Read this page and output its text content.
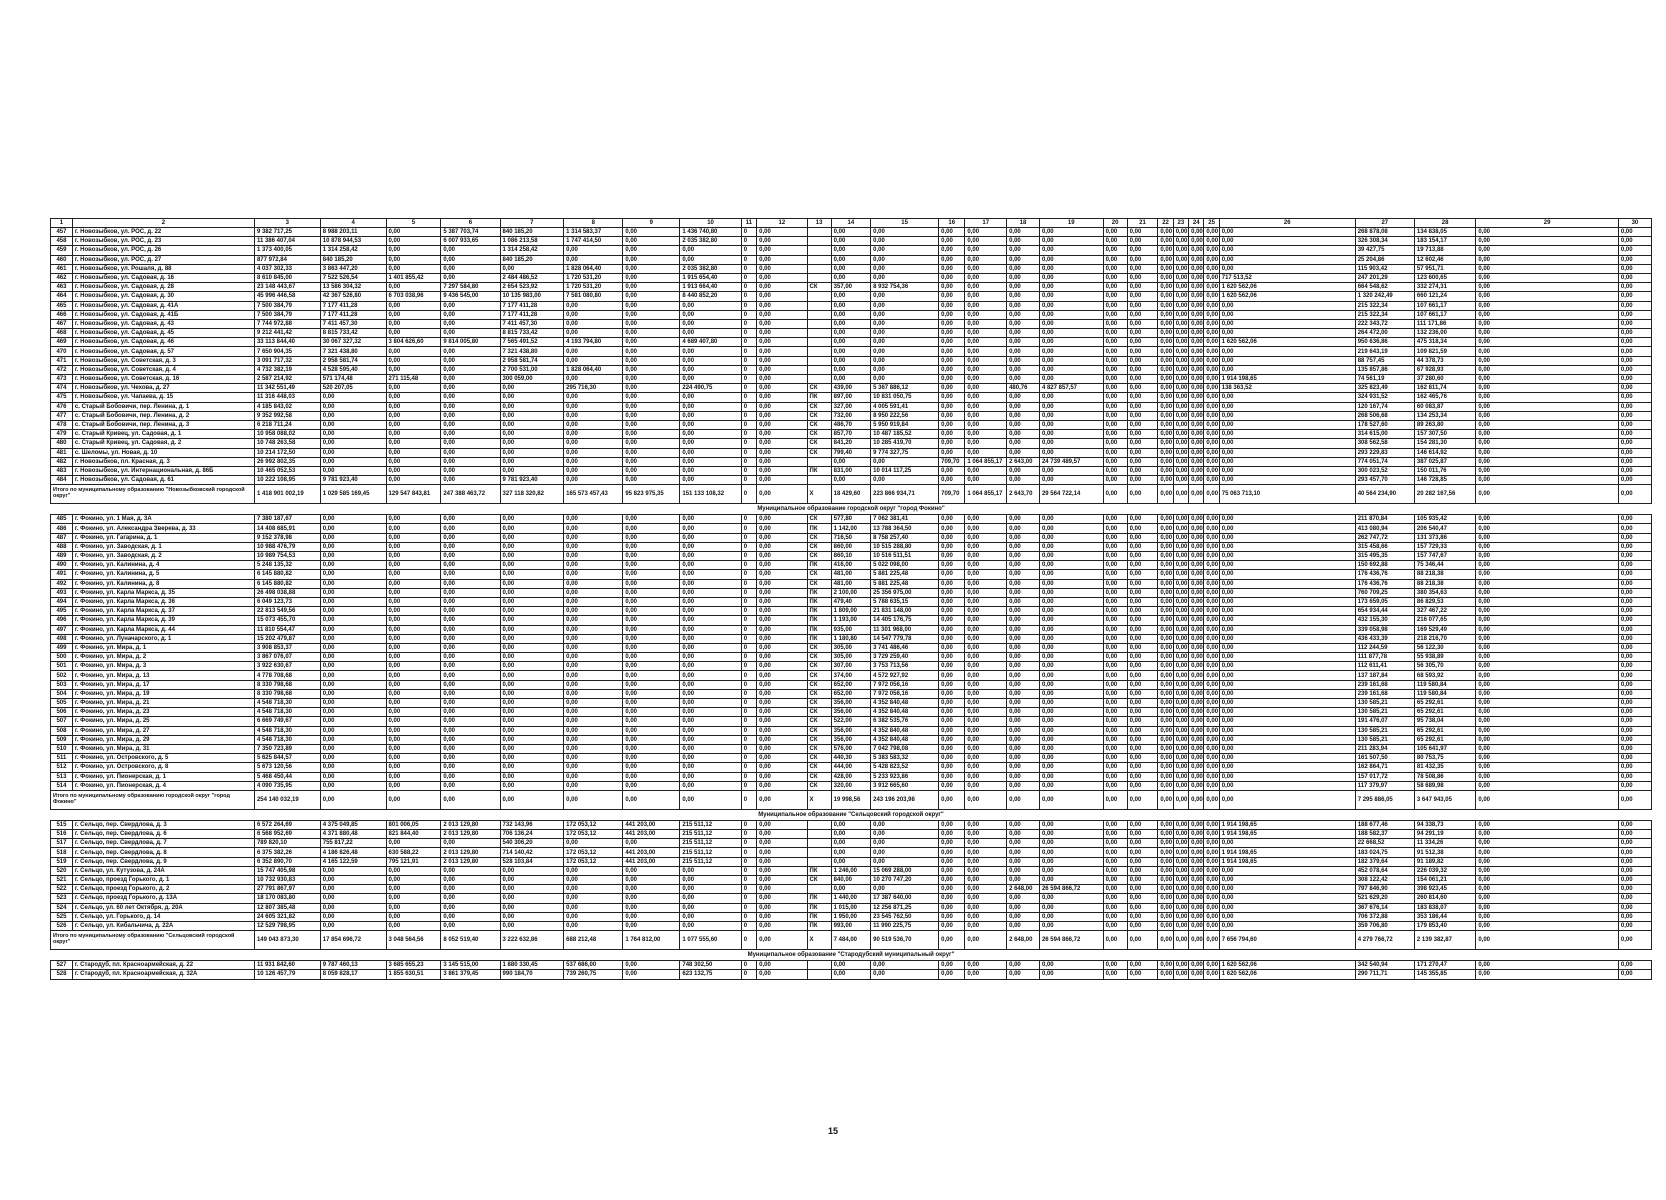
1	2	3	4	5	6	7	8	9	10	11	12	13	14	15	16	17	18	19	20	21	22	23	24	25	26	27	28	29	30
457	г. Новозыбков, ул. РОС, д. 22	9 382 717,25	8 988 203,11	0,00	5 387 703,74	840 185,20	1 314 583,37	0,00	1 436 740,80	0	0,00		0,00	0,00	0,00	0,00	0,00	0,00	0,00	0,00	0,00	0,00	0,00	0,00	0,00	268 878,08	134 838,05	0,00	0,00
458	г. Новозыбков, ул. РОС, д. 23	11 386 407,04	10 878 944,53	0,00	6 007 933,65	1 086 213,58	1 747 414,50	0,00	2 035 382,80	0	0,00		0,00	0,00	0,00	0,00	0,00	0,00	0,00	0,00	0,00	0,00	0,00	0,00	0,00	326 308,34	183 154,17	0,00	0,00
459	г. Новозыбков, ул. РОС, д. 26	1 373 400,05	1 314 258,42	0,00	0,00	1 314 258,42	0,00	0,00	0,00	0	0,00		0,00	0,00	0,00	0,00	0,00	0,00	0,00	0,00	0,00	0,00	0,00	0,00	0,00	39 427,75	19 713,88	0,00	0,00
460	г. Новозыбков, ул. РОС, д. 27	877 972,84	840 185,20	0,00	0,00	840 185,20	0,00	0,00	0,00	0	0,00		0,00	0,00	0,00	0,00	0,00	0,00	0,00	0,00	0,00	0,00	0,00	0,00	0,00	25 204,86	12 602,46	0,00	0,00
461	г. Новозыбков, ул. Рошаля, д. 88	4 037 302,33	3 863 447,20	0,00	0,00	0,00	1 828 064,40	0,00	2 035 382,80	0	0,00		0,00	0,00	0,00	0,00	0,00	0,00	0,00	0,00	0,00	0,00	0,00	0,00	0,00	115 903,42	57 951,71	0,00	0,00
462	г. Новозыбков, ул. Садовая, д. 16	8 610 845,00	7 522 526,54	1 401 855,42	0,00	2 484 486,52	1 720 531,20	0,00	1 915 654,40	0	0,00		0,00	0,00	0,00	0,00	0,00	0,00	0,00	0,00	0,00	0,00	0,00	0,00	717 513,52	247 201,29	123 600,65	0,00	0,00
463	г. Новозыбков, ул. Садовая, д. 28	23 148 443,67	13 586 304,32	0,00	7 297 584,80	2 654 523,92	1 720 531,20	0,00	1 913 664,40	0	0,00	СК	357,00	8 932 754,36	0,00	0,00	0,00	0,00	0,00	0,00	0,00	0,00	0,00	0,00	1 620 562,06	664 548,62	332 274,31	0,00	0,00
464	г. Новозыбков, ул. Садовая, д. 30	45 996 446,58	42 367 526,80	6 703 038,96	9 436 545,00	10 135 983,00	7 581 080,80	0,00	8 440 852,20	0	0,00		0,00	0,00	0,00	0,00	0,00	0,00	0,00	0,00	0,00	0,00	0,00	0,00	1 620 562,06	1 320 242,49	660 121,24	0,00	0,00
465	г. Новозыбков, ул. Садовая, д. 41А	7 500 384,79	7 177 411,28	0,00	0,00	7 177 411,28	0,00	0,00	0,00	0	0,00		0,00	0,00	0,00	0,00	0,00	0,00	0,00	0,00	0,00	0,00	0,00	0,00	0,00	215 322,34	107 661,17	0,00	0,00
466	г. Новозыбков, ул. Садовая, д. 41Б	7 500 384,79	7 177 411,28	0,00	0,00	7 177 411,28	0,00	0,00	0,00	0	0,00		0,00	0,00	0,00	0,00	0,00	0,00	0,00	0,00	0,00	0,00	0,00	0,00	0,00	215 322,34	107 661,17	0,00	0,00
467	г. Новозыбков, ул. Садовая, д. 43	7 744 972,88	7 411 457,30	0,00	0,00	7 411 457,30	0,00	0,00	0,00	0	0,00		0,00	0,00	0,00	0,00	0,00	0,00	0,00	0,00	0,00	0,00	0,00	0,00	0,00	222 343,72	111 171,86	0,00	0,00
468	г. Новозыбков, ул. Садовая, д. 45	9 212 441,42	8 815 733,42	0,00	0,00	8 815 733,42	0,00	0,00	0,00	0	0,00		0,00	0,00	0,00	0,00	0,00	0,00	0,00	0,00	0,00	0,00	0,00	0,00	0,00	264 472,00	132 236,00	0,00	0,00
469	г. Новозыбков, ул. Садовая, д. 46	33 113 844,40	30 067 327,32	3 804 626,60	9 814 005,80	7 565 491,52	4 193 794,80	0,00	4 689 407,80	0	0,00		0,00	0,00	0,00	0,00	0,00	0,00	0,00	0,00	0,00	0,00	0,00	0,00	1 620 562,06	950 636,86	475 318,34	0,00	0,00
470	г. Новозыбков, ул. Садовая, д. 57	7 650 904,35	7 321 438,80	0,00	0,00	7 321 438,80	0,00	0,00	0,00	0	0,00		0,00	0,00	0,00	0,00	0,00	0,00	0,00	0,00	0,00	0,00	0,00	0,00	0,00	219 643,19	109 821,59	0,00	0,00
471	г. Новозыбков, ул. Советская, д. 3	3 091 717,32	2 958 581,74	0,00	0,00	2 958 581,74	0,00	0,00	0,00	0	0,00		0,00	0,00	0,00	0,00	0,00	0,00	0,00	0,00	0,00	0,00	0,00	0,00	0,00	88 757,45	44 378,73	0,00	0,00
472	г. Новозыбков, ул. Советская, д. 4	4 732 382,19	4 528 595,40	0,00	0,00	2 700 531,00	1 828 064,40	0,00	0,00	0	0,00		0,00	0,00	0,00	0,00	0,00	0,00	0,00	0,00	0,00	0,00	0,00	0,00	0,00	135 857,86	67 928,93	0,00	0,00
473	г. Новозыбков, ул. Советская, д. 16	2 587 214,92	571 174,48	271 115,48	0,00	300 059,00	0,00	0,00	0,00	0	0,00		0,00	0,00	0,00	0,00	0,00	0,00	0,00	0,00	0,00	0,00	0,00	0,00	1 914 198,65	74 561,19	37 280,60	0,00	0,00
474	г. Новозыбков, ул. Чехова, д. 27	11 342 551,49	520 207,05	0,00	0,00	0,00	295 716,30	0,00	224 490,75	0	0,00	СК	439,00	5 367 886,12	0,00	0,00	480,76	4 827 857,57	0,00	0,00	0,00	0,00	0,00	0,00	138 363,52	325 823,49	162 811,74	0,00	0,00
475	г. Новозыбков, ул. Чапаева, д. 15	11 316 448,03	0,00	0,00	0,00	0,00	0,00	0,00	0,00	0	0,00	ПК	897,00	10 831 050,75	0,00	0,00	0,00	0,00	0,00	0,00	0,00	0,00	0,00	0,00	0,00	324 931,52	162 465,76	0,00	0,00
476	с. Старый Бобовичи, пер. Ленина, д. 1	4 185 843,02	0,00	0,00	0,00	0,00	0,00	0,00	0,00	0	0,00	СК	327,00	4 005 591,41	0,00	0,00	0,00	0,00	0,00	0,00	0,00	0,00	0,00	0,00	0,00	120 167,74	60 083,87	0,00	0,00
477	с. Старый Бобовичи, пер. Ленина, д. 2	9 352 992,58	0,00	0,00	0,00	0,00	0,00	0,00	0,00	0	0,00	СК	732,00	8 950 222,56	0,00	0,00	0,00	0,00	0,00	0,00	0,00	0,00	0,00	0,00	0,00	268 506,68	134 253,34	0,00	0,00
478	с. Старый Бобовичи, пер. Ленина, д. 3	6 218 711,24	0,00	0,00	0,00	0,00	0,00	0,00	0,00	0	0,00	СК	486,70	5 950 919,84	0,00	0,00	0,00	0,00	0,00	0,00	0,00	0,00	0,00	0,00	0,00	178 527,60	89 263,80	0,00	0,00
479	с. Старый Кривец, ул. Садовая, д. 1	10 958 088,02	0,00	0,00	0,00	0,00	0,00	0,00	0,00	0	0,00	СК	857,70	10 487 185,52	0,00	0,00	0,00	0,00	0,00	0,00	0,00	0,00	0,00	0,00	0,00	314 615,00	157 307,50	0,00	0,00
480	с. Старый Кривец, ул. Садовая, д. 2	10 748 263,58	0,00	0,00	0,00	0,00	0,00	0,00	0,00	0	0,00	СК	841,20	10 285 419,70	0,00	0,00	0,00	0,00	0,00	0,00	0,00	0,00	0,00	0,00	0,00	308 562,58	154 281,30	0,00	0,00
481	с. Шеломы, ул. Новая, д. 10	10 214 172,50	0,00	0,00	0,00	0,00	0,00	0,00	0,00	0	0,00	СК	799,40	9 774 327,75	0,00	0,00	0,00	0,00	0,00	0,00	0,00	0,00	0,00	0,00	0,00	293 229,83	146 614,92	0,00	0,00
482	г. Новозыбков, пл. Красная, д. 3	26 992 802,35	0,00	0,00	0,00	0,00	0,00	0,00	0,00	0	0,00		0,00	0,00	709,70	1 064 855,17	2 643,00	24 739 489,57	0,00	0,00	0,00	0,00	0,00	0,00	0,00	774 051,74	387 025,87	0,00	0,00
483	г. Новозыбков, ул. Интернациональная, д. 86Б	10 465 052,53	0,00	0,00	0,00	0,00	0,00	0,00	0,00	0	0,00	ПК	831,00	10 014 117,25	0,00	0,00	0,00	0,00	0,00	0,00	0,00	0,00	0,00	0,00	0,00	300 023,52	150 011,76	0,00	0,00
484	г. Новозыбков, ул. Садовая, д. 61	10 222 108,95	9 781 923,40	0,00	0,00	9 781 923,40	0,00	0,00	0,00	0	0,00		0,00	0,00	0,00	0,00	0,00	0,00	0,00	0,00	0,00	0,00	0,00	0,00	0,00	293 457,70	146 728,85	0,00	0,00
Итого по муниципальному образованию "Новозыбковский городской округ"		1 418 901 002,19	1 029 585 169,45	129 547 843,81	247 388 463,72	327 118 320,82	165 573 457,43	95 823 975,35	151 133 108,32	0	0,00	Х	18 429,60	223 866 934,71	709,70	1 064 855,17	2 643,70	29 564 722,14	0,00	0,00	0,00	0,00	0,00	0,00	75 063 713,10	40 564 234,90	20 282 167,56	0,00	0,00
Муниципальное образование городской округ "город Фокино"																													
485	г. Фокино, ул. 1 Мая, д. 3А	7 380 187,67	0,00	0,00	0,00	0,00	0,00	0,00	0,00	0	0,00	СК	577,80	7 062 381,41	0,00	0,00	0,00	0,00	0,00	0,00	0,00	0,00	0,00	0,00	0,00	211 870,84	105 935,42	0,00	0,00
486	г. Фокино, ул. Александра Зверева, д. 33	14 408 685,91	0,00	0,00	0,00	0,00	0,00	0,00	0,00	0	0,00	ПК	1 142,00	13 788 364,50	0,00	0,00	0,00	0,00	0,00	0,00	0,00	0,00	0,00	0,00	0,00	413 080,94	206 540,47	0,00	0,00
487	г. Фокино, ул. Гагарина, д. 1	9 152 378,98	0,00	0,00	0,00	0,00	0,00	0,00	0,00	0	0,00	СК	716,50	8 758 257,40	0,00	0,00	0,00	0,00	0,00	0,00	0,00	0,00	0,00	0,00	0,00	262 747,72	131 373,86	0,00	0,00
488	г. Фокино, ул. Заводская, д. 1	10 988 476,79	0,00	0,00	0,00	0,00	0,00	0,00	0,00	0	0,00	СК	860,00	10 515 288,80	0,00	0,00	0,00	0,00	0,00	0,00	0,00	0,00	0,00	0,00	0,00	315 458,66	157 729,33	0,00	0,00
489	г. Фокино, ул. Заводская, д. 2	10 989 754,53	0,00	0,00	0,00	0,00	0,00	0,00	0,00	0	0,00	СК	860,10	10 516 511,51	0,00	0,00	0,00	0,00	0,00	0,00	0,00	0,00	0,00	0,00	0,00	315 495,35	157 747,67	0,00	0,00
490	г. Фокино, ул. Калинина, д. 4	5 248 135,32	0,00	0,00	0,00	0,00	0,00	0,00	0,00	0	0,00	ПК	416,00	5 022 098,00	0,00	0,00	0,00	0,00	0,00	0,00	0,00	0,00	0,00	0,00	0,00	150 692,88	75 346,44	0,00	0,00
491	г. Фокино, ул. Калинина, д. 5	6 145 880,82	0,00	0,00	0,00	0,00	0,00	0,00	0,00	0	0,00	СК	481,00	5 881 225,48	0,00	0,00	0,00	0,00	0,00	0,00	0,00	0,00	0,00	0,00	0,00	176 436,76	88 218,38	0,00	0,00
492	г. Фокино, ул. Калинина, д. 8	6 145 880,82	0,00	0,00	0,00	0,00	0,00	0,00	0,00	0	0,00	СК	481,00	5 881 225,48	0,00	0,00	0,00	0,00	0,00	0,00	0,00	0,00	0,00	0,00	0,00	176 436,76	88 218,38	0,00	0,00
493	г. Фокино, ул. Карла Маркса, д. 35	26 498 038,88	0,00	0,00	0,00	0,00	0,00	0,00	0,00	0	0,00	ПК	2 100,00	25 356 975,00	0,00	0,00	0,00	0,00	0,00	0,00	0,00	0,00	0,00	0,00	0,00	760 709,25	380 354,63	0,00	0,00
494	г. Фокино, ул. Карла Маркса, д. 36	6 049 123,73	0,00	0,00	0,00	0,00	0,00	0,00	0,00	0	0,00	ПК	479,40	5 788 635,15	0,00	0,00	0,00	0,00	0,00	0,00	0,00	0,00	0,00	0,00	0,00	173 659,05	86 829,53	0,00	0,00
495	г. Фокино, ул. Карла Маркса, д. 37	22 813 549,56	0,00	0,00	0,00	0,00	0,00	0,00	0,00	0	0,00	ПК	1 809,00	21 831 148,00	0,00	0,00	0,00	0,00	0,00	0,00	0,00	0,00	0,00	0,00	0,00	654 934,44	327 467,22	0,00	0,00
496	г. Фокино, ул. Карла Маркса, д. 39	15 073 455,70	0,00	0,00	0,00	0,00	0,00	0,00	0,00	0	0,00	ПК	1 193,00	14 405 176,75	0,00	0,00	0,00	0,00	0,00	0,00	0,00	0,00	0,00	0,00	0,00	432 155,30	216 077,65	0,00	0,00
497	г. Фокино, ул. Карла Маркса, д. 44	11 810 554,47	0,00	0,00	0,00	0,00	0,00	0,00	0,00	0	0,00	ПК	935,00	11 301 968,00	0,00	0,00	0,00	0,00	0,00	0,00	0,00	0,00	0,00	0,00	0,00	339 058,98	169 529,49	0,00	0,00
498	г. Фокино, ул. Луначарского, д. 1	15 202 479,87	0,00	0,00	0,00	0,00	0,00	0,00	0,00	0	0,00	ПК	1 180,80	14 547 779,78	0,00	0,00	0,00	0,00	0,00	0,00	0,00	0,00	0,00	0,00	0,00	436 433,39	218 216,70	0,00	0,00
499	г. Фокино, ул. Мира, д. 1	3 908 853,37	0,00	0,00	0,00	0,00	0,00	0,00	0,00	0	0,00	СК	305,00	3 741 486,46	0,00	0,00	0,00	0,00	0,00	0,00	0,00	0,00	0,00	0,00	0,00	112 244,59	56 122,30	0,00	0,00
500	г. Фокино, ул. Мира, д. 2	3 867 076,07	0,00	0,00	0,00	0,00	0,00	0,00	0,00	0	0,00	СК	305,00	3 729 259,40	0,00	0,00	0,00	0,00	0,00	0,00	0,00	0,00	0,00	0,00	0,00	111 877,78	55 938,89	0,00	0,00
501	г. Фокино, ул. Мира, д. 3	3 922 630,67	0,00	0,00	0,00	0,00	0,00	0,00	0,00	0	0,00	СК	307,00	3 753 713,56	0,00	0,00	0,00	0,00	0,00	0,00	0,00	0,00	0,00	0,00	0,00	112 611,41	56 305,70	0,00	0,00
502	г. Фокино, ул. Мира, д. 13	4 778 708,68	0,00	0,00	0,00	0,00	0,00	0,00	0,00	0	0,00	СК	374,00	4 572 927,92	0,00	0,00	0,00	0,00	0,00	0,00	0,00	0,00	0,00	0,00	0,00	137 187,84	68 593,92	0,00	0,00
503	г. Фокино, ул. Мира, д. 17	8 330 798,68	0,00	0,00	0,00	0,00	0,00	0,00	0,00	0	0,00	СК	652,00	7 972 056,16	0,00	0,00	0,00	0,00	0,00	0,00	0,00	0,00	0,00	0,00	0,00	239 161,68	119 580,84	0,00	0,00
504	г. Фокино, ул. Мира, д. 19	8 330 798,68	0,00	0,00	0,00	0,00	0,00	0,00	0,00	0	0,00	СК	652,00	7 972 056,16	0,00	0,00	0,00	0,00	0,00	0,00	0,00	0,00	0,00	0,00	0,00	239 161,68	119 580,84	0,00	0,00
505	г. Фокино, ул. Мира, д. 21	4 548 718,30	0,00	0,00	0,00	0,00	0,00	0,00	0,00	0	0,00	СК	356,00	4 352 840,48	0,00	0,00	0,00	0,00	0,00	0,00	0,00	0,00	0,00	0,00	0,00	130 585,21	65 292,61	0,00	0,00
506	г. Фокино, ул. Мира, д. 23	4 548 718,30	0,00	0,00	0,00	0,00	0,00	0,00	0,00	0	0,00	СК	356,00	4 352 840,48	0,00	0,00	0,00	0,00	0,00	0,00	0,00	0,00	0,00	0,00	0,00	130 585,21	65 292,61	0,00	0,00
507	г. Фокино, ул. Мира, д. 25	6 669 749,67	0,00	0,00	0,00	0,00	0,00	0,00	0,00	0	0,00	СК	522,00	6 382 535,76	0,00	0,00	0,00	0,00	0,00	0,00	0,00	0,00	0,00	0,00	0,00	191 476,07	95 738,04	0,00	0,00
508	г. Фокино, ул. Мира, д. 27	4 548 718,30	0,00	0,00	0,00	0,00	0,00	0,00	0,00	0	0,00	СК	356,00	4 352 840,48	0,00	0,00	0,00	0,00	0,00	0,00	0,00	0,00	0,00	0,00	0,00	130 585,21	65 292,61	0,00	0,00
509	г. Фокино, ул. Мира, д. 29	4 548 718,30	0,00	0,00	0,00	0,00	0,00	0,00	0,00	0	0,00	СК	356,00	4 352 840,48	0,00	0,00	0,00	0,00	0,00	0,00	0,00	0,00	0,00	0,00	0,00	130 585,21	65 292,61	0,00	0,00
510	г. Фокино, ул. Мира, д. 31	7 350 723,89	0,00	0,00	0,00	0,00	0,00	0,00	0,00	0	0,00	СК	576,00	7 042 798,08	0,00	0,00	0,00	0,00	0,00	0,00	0,00	0,00	0,00	0,00	0,00	211 283,94	105 641,97	0,00	0,00
511	г. Фокино, ул. Островского, д. 5	5 625 844,57	0,00	0,00	0,00	0,00	0,00	0,00	0,00	0	0,00	СК	440,30	5 383 583,32	0,00	0,00	0,00	0,00	0,00	0,00	0,00	0,00	0,00	0,00	0,00	161 507,50	80 753,75	0,00	0,00
512	г. Фокино, ул. Островского, д. 8	5 673 120,56	0,00	0,00	0,00	0,00	0,00	0,00	0,00	0	0,00	СК	444,00	5 428 823,52	0,00	0,00	0,00	0,00	0,00	0,00	0,00	0,00	0,00	0,00	0,00	162 864,71	81 432,35	0,00	0,00
513	г. Фокино, ул. Пионерская, д. 1	5 468 450,44	0,00	0,00	0,00	0,00	0,00	0,00	0,00	0	0,00	СК	428,00	5 233 923,86	0,00	0,00	0,00	0,00	0,00	0,00	0,00	0,00	0,00	0,00	0,00	157 017,72	78 508,86	0,00	0,00
514	г. Фокино, ул. Пионерская, д. 4	4 090 735,95	0,00	0,00	0,00	0,00	0,00	0,00	0,00	0	0,00	СК	320,00	3 912 665,60	0,00	0,00	0,00	0,00	0,00	0,00	0,00	0,00	0,00	0,00	0,00	117 379,97	58 689,98	0,00	0,00
Итого по муниципальному образованию городской округ "город Фокино"		254 140 032,19	0,00	0,00	0,00	0,00	0,00	0,00	0,00	0	0,00	Х	19 998,56	243 196 203,98	0,00	0,00	0,00	0,00	0,00	0,00	0,00	0,00	0,00	0,00	0,00	7 295 886,05	3 647 943,05	0,00	0,00
Муниципальное образование "Сельцовский городской округ"																													
515	г. Сельцо, пер. Свердлова, д. 3	6 572 264,69	4 375 049,85	801 006,05	2 013 129,80	732 143,96	172 053,12	441 203,00	215 511,12	0	0,00		0,00	0,00	0,00	0,00	0,00	0,00	0,00	0,00	0,00	0,00	0,00	0,00	1 914 198,65	188 677,46	94 338,73	0,00	0,00
516	г. Сельцо, пер. Свердлова, д. 6	6 568 952,69	4 371 880,48	821 844,40	2 013 129,80	706 136,24	172 053,12	441 203,00	215 511,12	0	0,00		0,00	0,00	0,00	0,00	0,00	0,00	0,00	0,00	0,00	0,00	0,00	0,00	1 914 198,65	188 582,37	94 291,19	0,00	0,00
517	г. Сельцо, пер. Свердлова, д. 7	789 820,10	755 817,22	0,00	0,00	540 306,20	0,00	0,00	215 511,12	0	0,00		0,00	0,00	0,00	0,00	0,00	0,00	0,00	0,00	0,00	0,00	0,00	0,00	0,00	22 668,52	11 334,26	0,00	0,00
518	г. Сельцо, пер. Свердлова, д. 8	6 375 382,26	4 186 826,48	630 588,22	2 013 129,80	714 140,42	172 053,12	441 203,00	215 511,12	0	0,00		0,00	0,00	0,00	0,00	0,00	0,00	0,00	0,00	0,00	0,00	0,00	0,00	1 914 198,65	183 024,75	91 512,38	0,00	0,00
519	г. Сельцо, пер. Свердлова, д. 9	6 352 890,70	4 165 122,59	795 121,91	2 013 129,80	528 103,84	172 053,12	441 203,00	215 511,12	0	0,00		0,00	0,00	0,00	0,00	0,00	0,00	0,00	0,00	0,00	0,00	0,00	0,00	1 914 198,65	182 379,64	91 189,82	0,00	0,00
520	г. Сельцо, ул. Кутузова, д. 24А	15 747 405,98	0,00	0,00	0,00	0,00	0,00	0,00	0,00	0	0,00	ПК	1 246,00	15 069 288,00	0,00	0,00	0,00	0,00	0,00	0,00	0,00	0,00	0,00	0,00	0,00	452 078,64	226 039,32	0,00	0,00
521	г. Сельцо, проезд Горького, д. 1	10 732 930,83	0,00	0,00	0,00	0,00	0,00	0,00	0,00	0	0,00	СК	840,00	10 270 747,20	0,00	0,00	0,00	0,00	0,00	0,00	0,00	0,00	0,00	0,00	0,00	308 122,42	154 061,21	0,00	0,00
522	г. Сельцо, проезд Горького, д. 2	27 791 867,97	0,00	0,00	0,00	0,00	0,00	0,00	0,00	0	0,00		0,00	0,00	0,00	0,00	2 648,00	26 594 866,72	0,00	0,00	0,00	0,00	0,00	0,00	0,00	797 846,90	398 923,45	0,00	0,00
523	г. Сельцо, проезд Горького, д. 13А	18 170 083,80	0,00	0,00	0,00	0,00	0,00	0,00	0,00	0	0,00	ПК	1 440,00	17 387 640,00	0,00	0,00	0,00	0,00	0,00	0,00	0,00	0,00	0,00	0,00	0,00	521 629,20	260 814,60	0,00	0,00
524	г. Сельцо, ул. 60 лет Октября, д. 20А	12 807 385,48	0,00	0,00	0,00	0,00	0,00	0,00	0,00	0	0,00	ПК	1 015,00	12 256 871,25	0,00	0,00	0,00	0,00	0,00	0,00	0,00	0,00	0,00	0,00	0,00	367 676,14	183 838,07	0,00	0,00
525	г. Сельцо, ул. Горького, д. 14	24 605 321,82	0,00	0,00	0,00	0,00	0,00	0,00	0,00	0	0,00	ПК	1 950,00	23 545 762,50	0,00	0,00	0,00	0,00	0,00	0,00	0,00	0,00	0,00	0,00	0,00	706 372,88	353 186,44	0,00	0,00
526	г. Сельцо, ул. Кибальчича, д. 22А	12 529 798,95	0,00	0,00	0,00	0,00	0,00	0,00	0,00	0	0,00	ПК	993,00	11 990 225,75	0,00	0,00	0,00	0,00	0,00	0,00	0,00	0,00	0,00	0,00	0,00	359 706,80	179 853,40	0,00	0,00
Итого по муниципальному образованию "Сельцовский городской округ"		149 043 873,30	17 854 696,72	3 048 564,56	8 052 519,40	3 222 632,86	688 212,48	1 764 812,00	1 077 555,60	0	0,00	Х	7 484,00	90 519 536,70	0,00	0,00	2 648,00	26 594 866,72	0,00	0,00	0,00	0,00	0,00	0,00	7 656 794,60	4 279 766,72	2 139 382,87	0,00	0,00
Муниципальное образование "Стародубский муниципальный округ"																													
527	г. Стародуб, пл. Красноармейская, д. 22	11 931 842,60	9 787 460,13	3 685 655,23	3 145 515,00	1 880 330,45	537 686,00	0,00	748 302,50	0	0,00		0,00	0,00	0,00	0,00	0,00	0,00	0,00	0,00	0,00	0,00	0,00	0,00	1 620 562,06	342 540,94	171 270,47	0,00	0,00
528	г. Стародуб, пл. Красноармейская, д. 32А	10 126 457,79	8 059 828,17	1 855 630,51	3 861 379,45	990 184,70	739 260,75	0,00	623 132,75	0	0,00		0,00	0,00	0,00	0,00	0,00	0,00	0,00	0,00	0,00	0,00	0,00	0,00	1 620 562,06	290 711,71	145 355,85	0,00	0,00
15
